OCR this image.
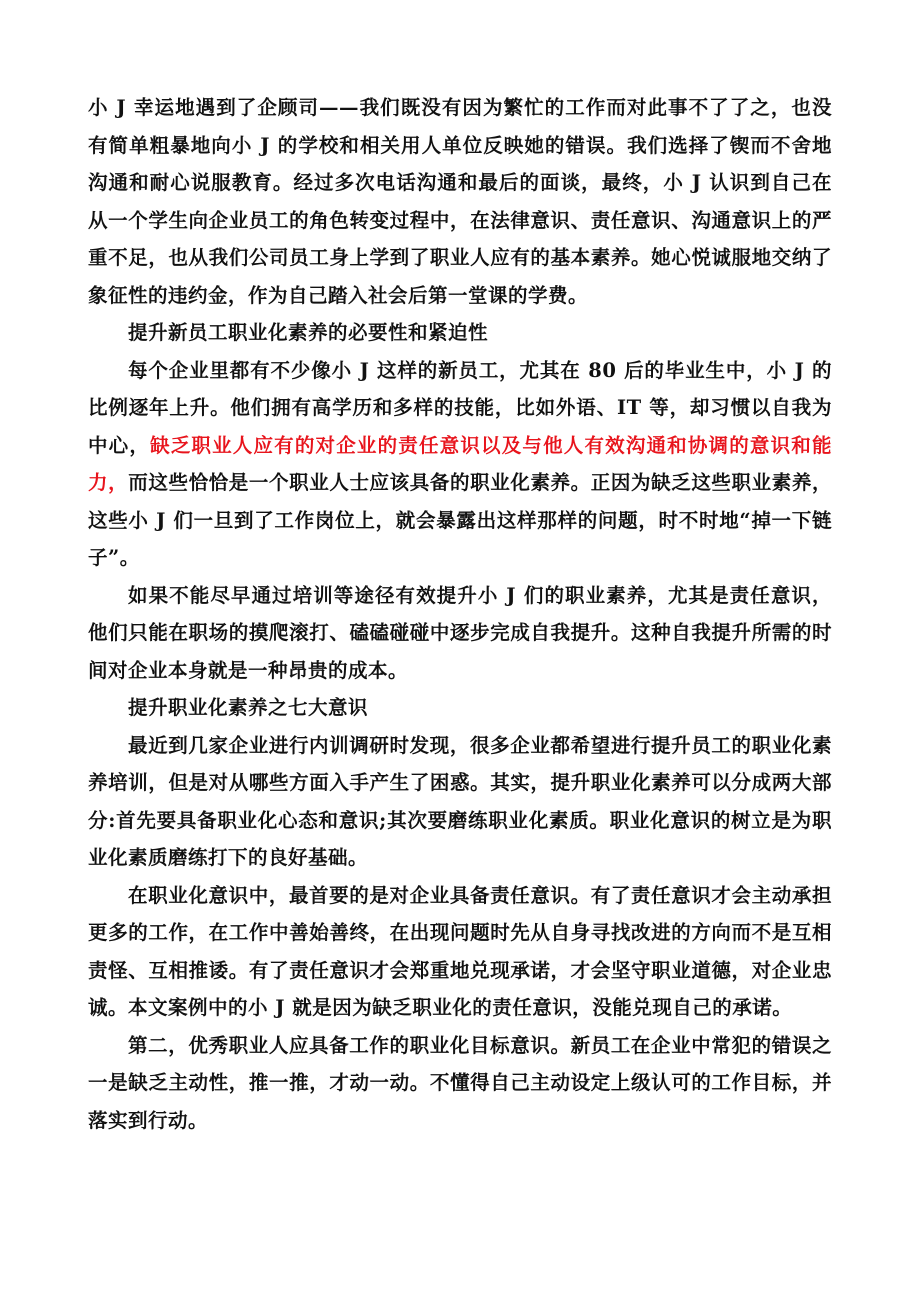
小 J 幸运地遇到了企顾司——我们既没有因为繁忙的工作而对此事不了了之，也没有简单粗暴地向小 J 的学校和相关用人单位反映她的错误。我们选择了锲而不舍地沟通和耐心说服教育。经过多次电话沟通和最后的面谈，最终，小 J 认识到自己在从一个学生向企业员工的角色转变过程中，在法律意识、责任意识、沟通意识上的严重不足，也从我们公司员工身上学到了职业人应有的基本素养。她心悦诚服地交纳了象征性的违约金，作为自己踏入社会后第一堂课的学费。

提升新员工职业化素养的必要性和紧迫性

每个企业里都有不少像小 J 这样的新员工，尤其在 80 后的毕业生中，小 J 的比例逐年上升。他们拥有高学历和多样的技能，比如外语、IT 等，却习惯以自我为中心，缺乏职业人应有的对企业的责任意识以及与他人有效沟通和协调的意识和能力，而这些恰恰是一个职业人士应该具备的职业化素养。正因为缺乏这些职业素养，这些小 J 们一旦到了工作岗位上，就会暴露出这样那样的问题，时不时地“掉一下链子”。

如果不能尽早通过培训等途径有效提升小 J 们的职业素养，尤其是责任意识，他们只能在职场的摸爬滚打、磕磕碰碰中逐步完成自我提升。这种自我提升所需的时间对企业本身就是一种昂贵的成本。

提升职业化素养之七大意识

最近到几家企业进行内训调研时发现，很多企业都希望进行提升员工的职业化素养培训，但是对从哪些方面入手产生了困惑。其实，提升职业化素养可以分成两大部分:首先要具备职业化心态和意识;其次要磨练职业化素质。职业化意识的树立是为职业化素质磨练打下的良好基础。

在职业化意识中，最首要的是对企业具备责任意识。有了责任意识才会主动承担更多的工作，在工作中善始善终，在出现问题时先从自身寻找改进的方向而不是互相责怪、互相推诿。有了责任意识才会郑重地兑现承诺，才会坚守职业道德，对企业忠诚。本文案例中的小 J 就是因为缺乏职业化的责任意识，没能兑现自己的承诺。

第二，优秀职业人应具备工作的职业化目标意识。新员工在企业中常犯的错误之一是缺乏主动性，推一推，才动一动。不懂得自己主动设定上级认可的工作目标，并落实到行动。
